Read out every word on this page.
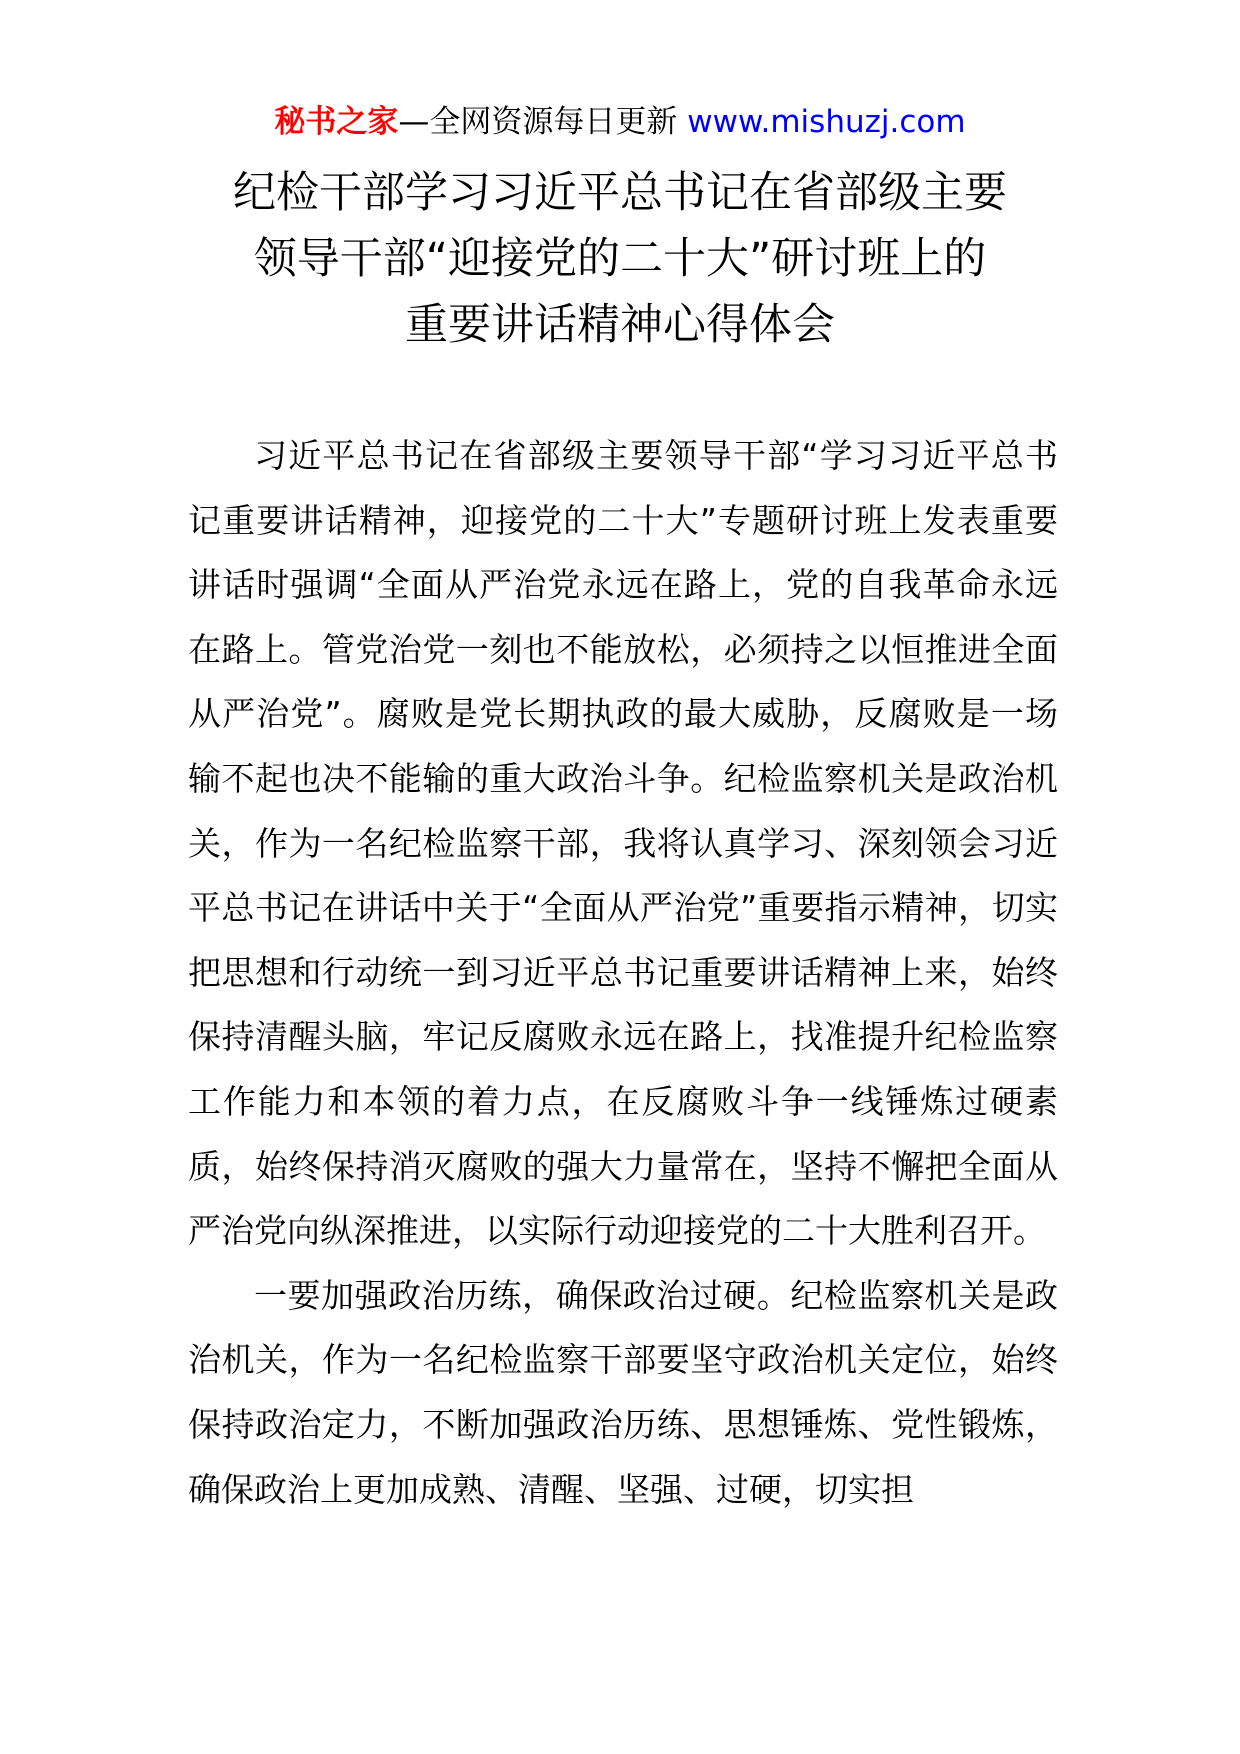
秘书之家—全网资源每日更新 www.mishuzj.com
纪检干部学习习近平总书记在省部级主要
领导干部“迎接党的二十大”研讨班上的
重要讲话精神心得体会

习近平总书记在省部级主要领导干部“学习习近平总书记重要讲话精神，迎接党的二十大”专题研讨班上发表重要讲话时强调“全面从严治党永远在路上，党的自我革命永远在路上。管党治党一刻也不能放松，必须持之以恒推进全面从严治党”。腐败是党长期执政的最大威胁，反腐败是一场输不起也决不能输的重大政治斗争。纪检监察机关是政治机关，作为一名纪检监察干部，我将认真学习、深刻领会习近平总书记在讲话中关于“全面从严治党”重要指示精神，切实把思想和行动统一到习近平总书记重要讲话精神上来，始终保持清醒头脑，牢记反腐败永远在路上，找准提升纪检监察工作能力和本领的着力点，在反腐败斗争一线锤炼过硬素质，始终保持消灭腐败的强大力量常在，坚持不懈把全面从严治党向纵深推进，以实际行动迎接党的二十大胜利召开。

一要加强政治历练，确保政治过硬。纪检监察机关是政治机关，作为一名纪检监察干部要坚守政治机关定位，始终保持政治定力，不断加强政治历练、思想锤炼、党性锻炼，确保政治上更加成熟、清醒、坚强、过硬，切实担
